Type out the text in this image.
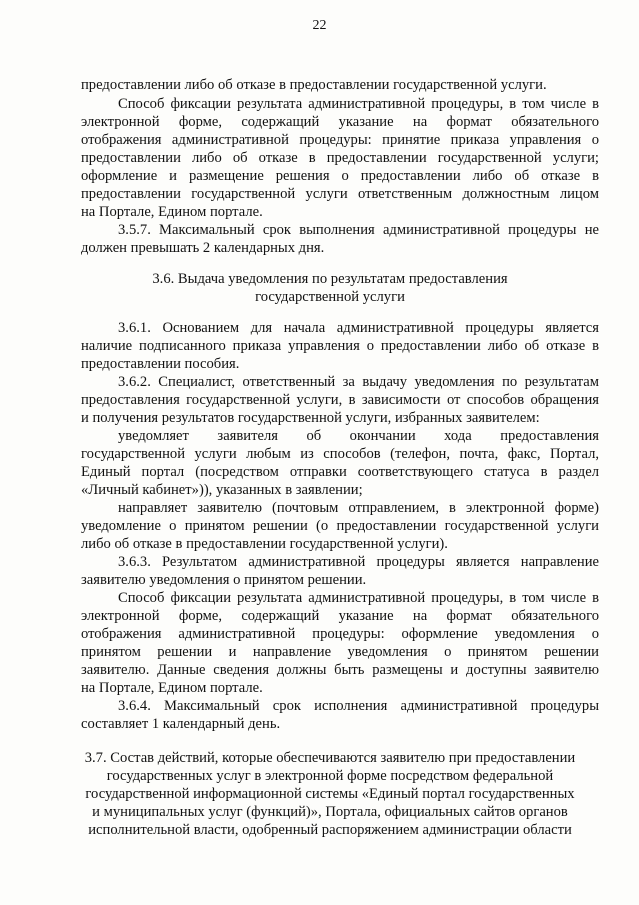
22
предоставлении либо об отказе в предоставлении государственной услуги.
Способ фиксации результата административной процедуры, в том числе в
электронной форме, содержащий указание на формат обязательного
отображения административной процедуры: принятие приказа управления о
предоставлении либо об отказе в предоставлении государственной услуги;
оформление и размещение решения о предоставлении либо об отказе в
предоставлении государственной услуги ответственным должностным лицом
на Портале, Едином портале.
3.5.7. Максимальный срок выполнения административной процедуры не
должен превышать 2 календарных дня.
3.6. Выдача уведомления по результатам предоставления
государственной услуги
3.6.1. Основанием для начала административной процедуры является
наличие подписанного приказа управления о предоставлении либо об отказе в
предоставлении пособия.
3.6.2. Специалист, ответственный за выдачу уведомления по результатам
предоставления государственной услуги, в зависимости от способов обращения
и получения результатов государственной услуги, избранных заявителем:
уведомляет заявителя об окончании хода предоставления
государственной услуги любым из способов (телефон, почта, факс, Портал,
Единый портал (посредством отправки соответствующего статуса в раздел
«Личный кабинет»)), указанных в заявлении;
направляет заявителю (почтовым отправлением, в электронной форме)
уведомление о принятом решении (о предоставлении государственной услуги
либо об отказе в предоставлении государственной услуги).
3.6.3. Результатом административной процедуры является направление
заявителю уведомления о принятом решении.
Способ фиксации результата административной процедуры, в том числе в
электронной форме, содержащий указание на формат обязательного
отображения административной процедуры: оформление уведомления о
принятом решении и направление уведомления о принятом решении
заявителю. Данные сведения должны быть размещены и доступны заявителю
на Портале, Едином портале.
3.6.4. Максимальный срок исполнения административной процедуры
составляет 1 календарный день.
3.7. Состав действий, которые обеспечиваются заявителю при предоставлении
государственных услуг в электронной форме посредством федеральной
государственной информационной системы «Единый портал государственных
и муниципальных услуг (функций)», Портала, официальных сайтов органов
исполнительной власти, одобренный распоряжением администрации области
